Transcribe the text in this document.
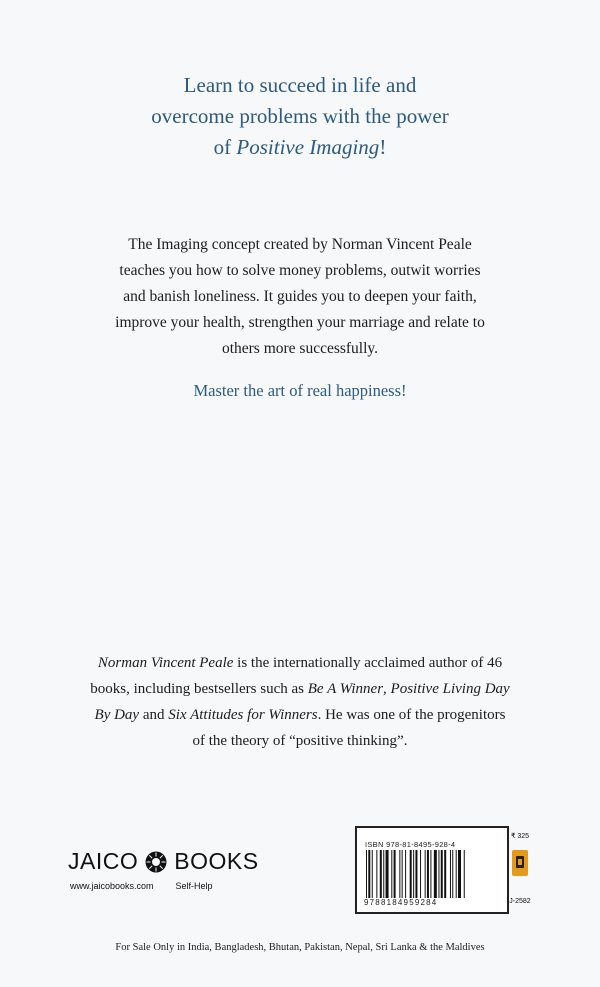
Learn to succeed in life and
overcome problems with the power
of Positive Imaging!
The Imaging concept created by Norman Vincent Peale
teaches you how to solve money problems, outwit worries
and banish loneliness. It guides you to deepen your faith,
improve your health, strengthen your marriage and relate to
others more successfully.
Master the art of real happiness!
Norman Vincent Peale is the internationally acclaimed author of 46
books, including bestsellers such as Be A Winner, Positive Living Day
By Day and Six Attitudes for Winners. He was one of the progenitors
of the theory of “positive thinking”.
JAICO BOOKS
www.jaicobooks.com Self-Help
ISBN 978-81-8495-928-4
9788184959284
₹ 325
J-2582
For Sale Only in India, Bangladesh, Bhutan, Pakistan, Nepal, Sri Lanka & the Maldives
